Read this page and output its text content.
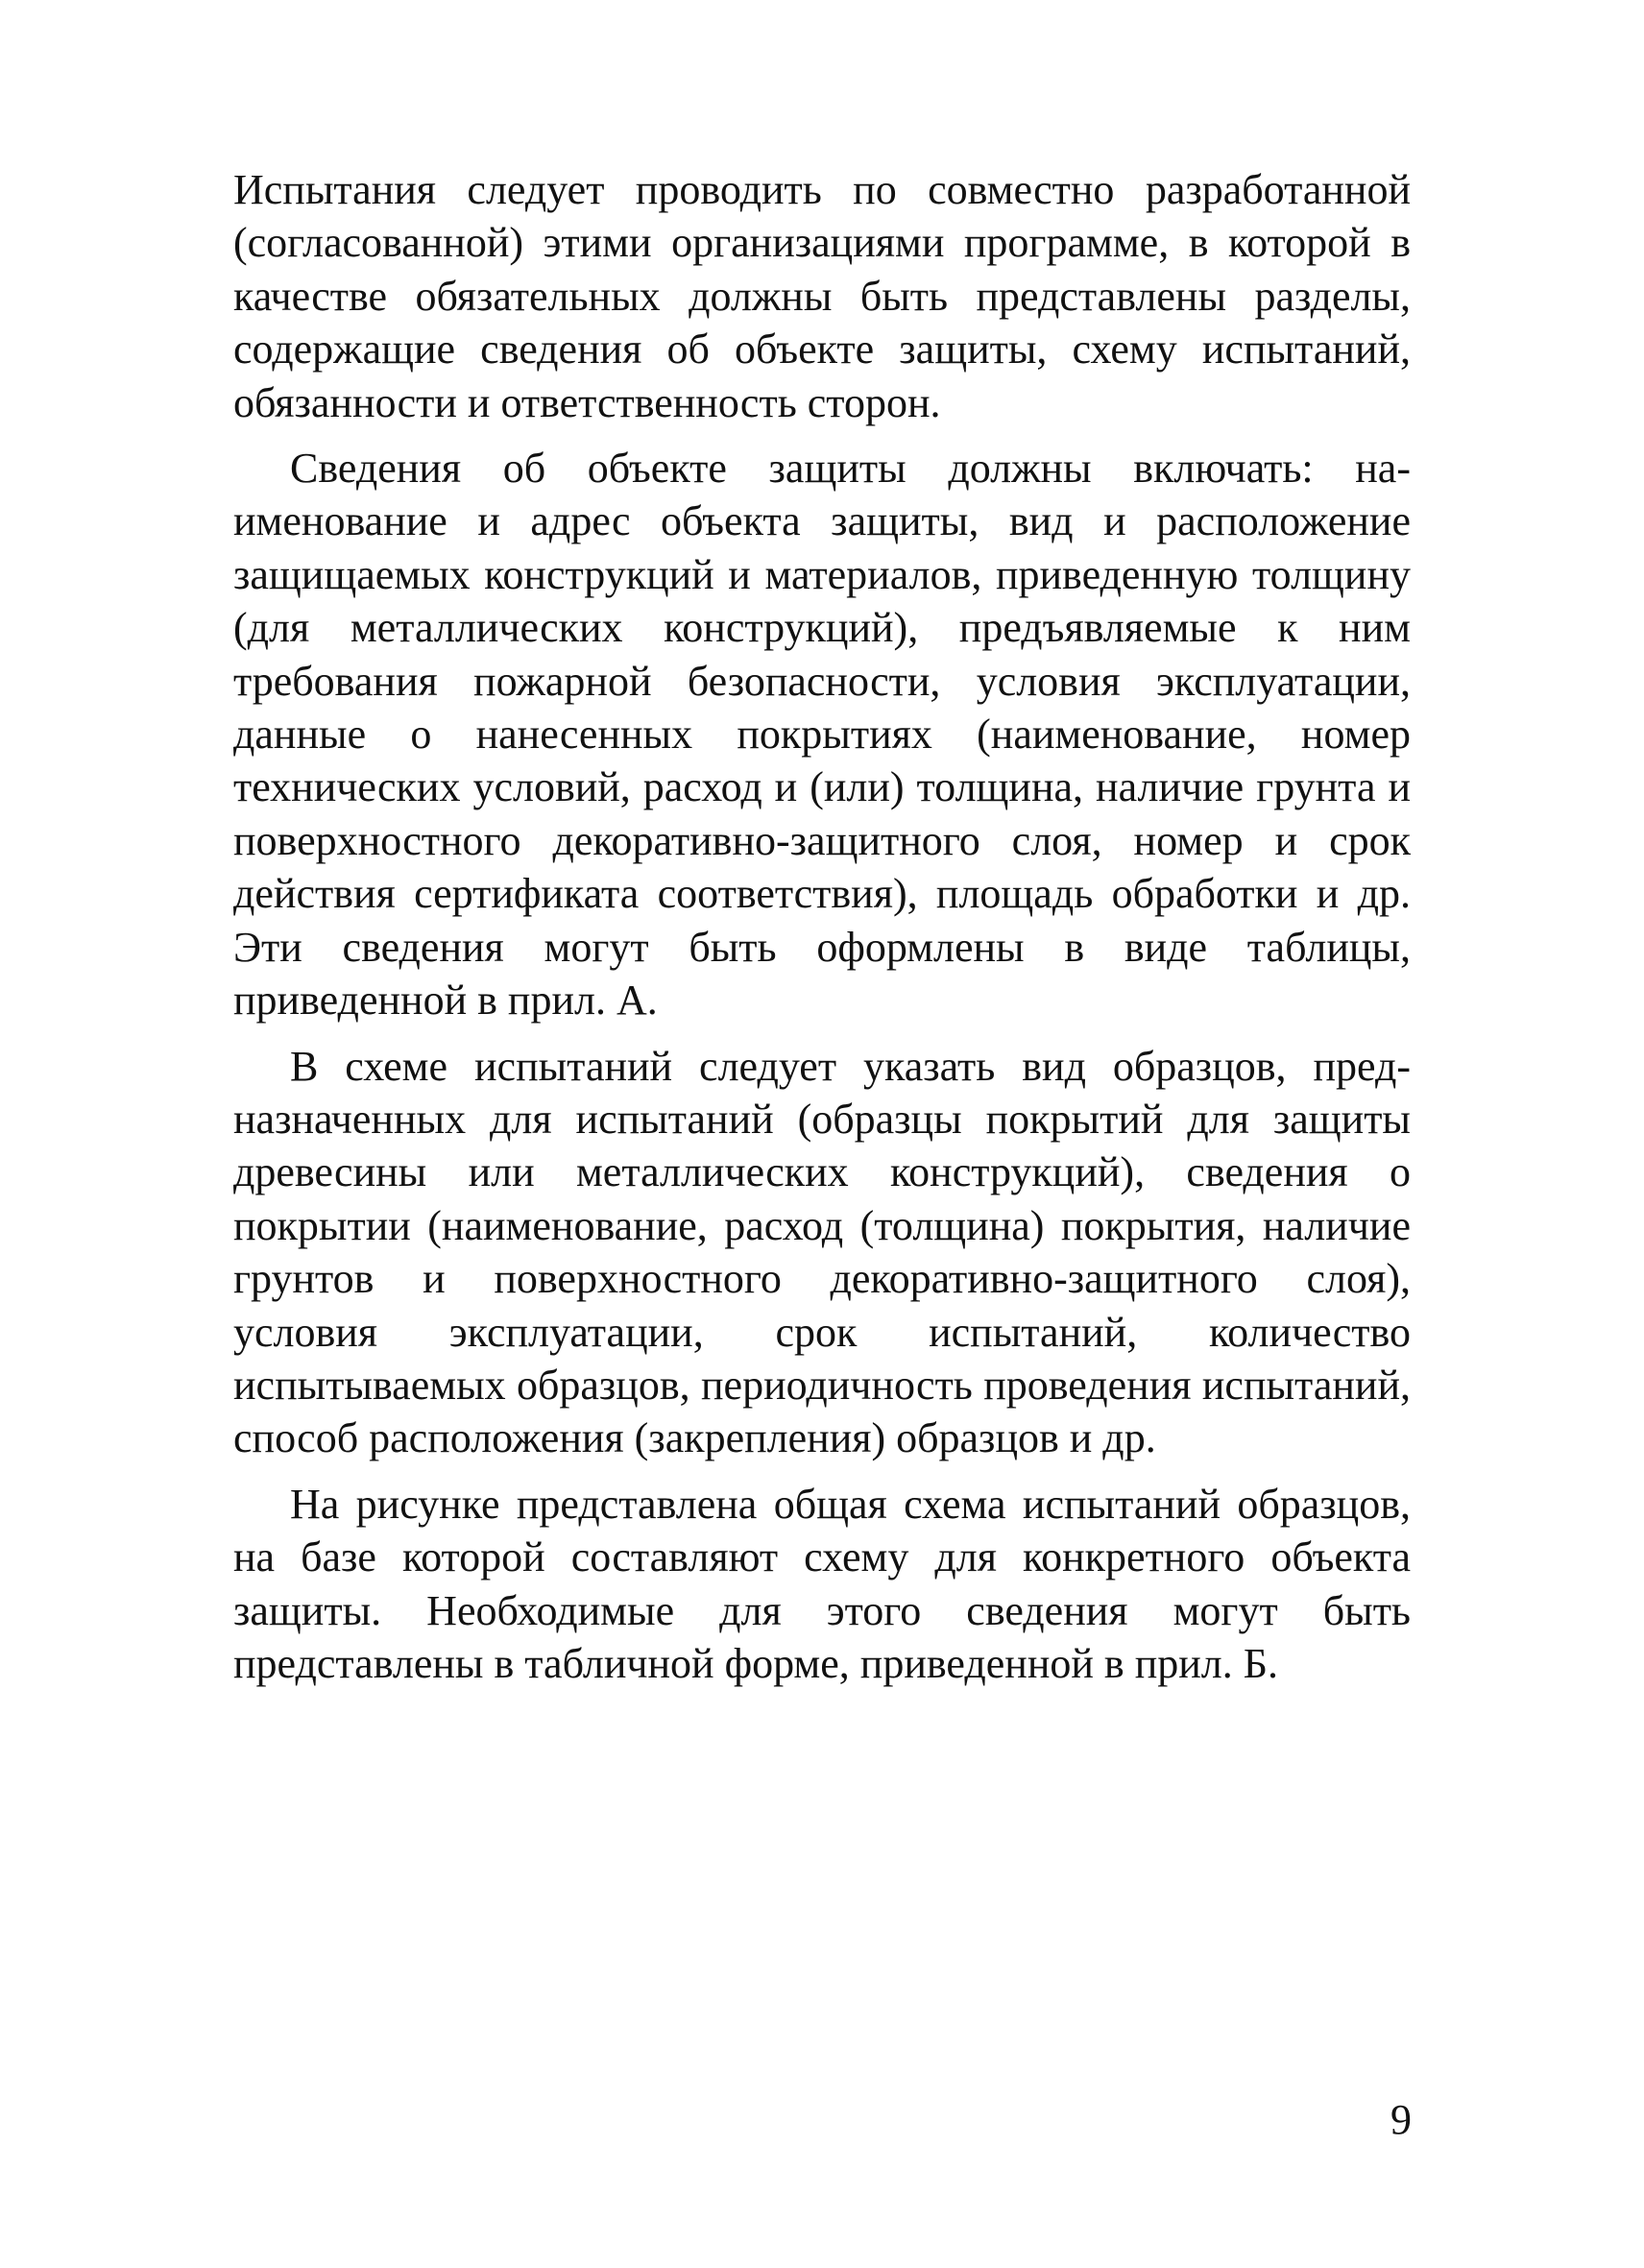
Испытания следует проводить по совместно разработанной (согласованной) этими организациями программе, в которой в качестве обязательных должны быть представлены разделы, содержащие сведения об объекте защиты, схему испытаний, обязанности и ответственность сторон.

Сведения об объекте защиты должны включать: наименование и адрес объекта защиты, вид и расположение защищаемых конструкций и материалов, приведенную толщину (для металлических конструкций), предъявляемые к ним требования пожарной безопасности, условия эксплуатации, данные о нанесенных покрытиях (наименование, номер технических условий, расход и (или) толщина, наличие грунта и поверхностного декоративно-защитного слоя, номер и срок действия сертификата соответствия), площадь обработки и др. Эти сведения могут быть оформлены в виде таблицы, приведенной в прил. А.

В схеме испытаний следует указать вид образцов, предназначенных для испытаний (образцы покрытий для защиты древесины или металлических конструкций), сведения о покрытии (наименование, расход (толщина) покрытия, наличие грунтов и поверхностного декоративно-защитного слоя), условия эксплуатации, срок испытаний, количество испытываемых образцов, периодичность проведения испытаний, способ расположения (закрепления) образцов и др.

На рисунке представлена общая схема испытаний образцов, на базе которой составляют схему для конкретного объекта защиты. Необходимые для этого сведения могут быть представлены в табличной форме, приведенной в прил. Б.

9
